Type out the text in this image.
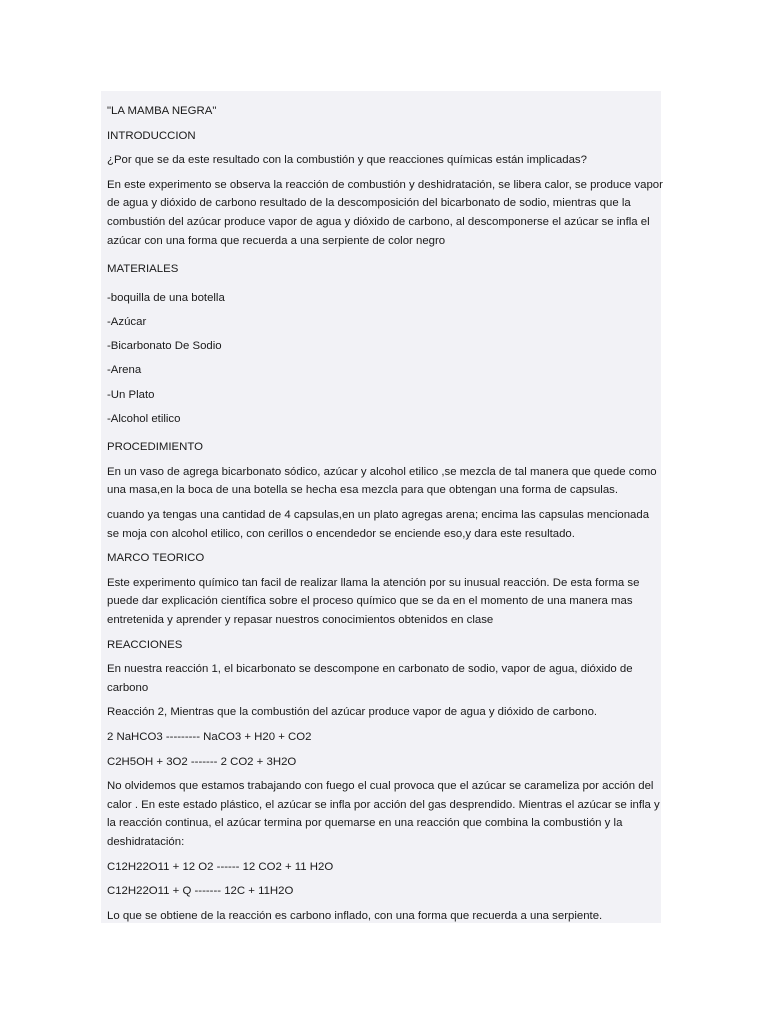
"LA MAMBA NEGRA"
INTRODUCCION
¿Por que se da este resultado con la combustión y que reacciones químicas están implicadas?
En este experimento se observa la reacción de combustión y deshidratación, se libera calor, se produce vapor de agua y dióxido de carbono resultado de la descomposición del bicarbonato de sodio, mientras que la combustión del azúcar produce vapor de agua y dióxido de carbono, al descomponerse el azúcar se infla el azúcar con una forma que recuerda a una serpiente de color negro
MATERIALES
-boquilla de una botella
-Azúcar
-Bicarbonato De Sodio
-Arena
-Un Plato
-Alcohol etilico
PROCEDIMIENTO
En un vaso de agrega bicarbonato sódico, azúcar y alcohol etilico ,se mezcla de tal manera que quede como una masa,en la boca de una botella se hecha esa mezcla para que obtengan una forma de capsulas.
cuando ya tengas una cantidad de 4 capsulas,en un plato agregas arena; encima las capsulas mencionada se moja con alcohol etilico, con cerillos o encendedor se enciende eso,y dara este resultado.
MARCO TEORICO
Este experimento químico tan facil de realizar llama la atención por su inusual reacción. De esta forma se puede dar explicación científica sobre el proceso químico que se da en el momento de una manera mas entretenida y aprender y repasar nuestros conocimientos obtenidos en clase
REACCIONES
En nuestra reacción 1, el bicarbonato se descompone en carbonato de sodio, vapor de agua, dióxido de carbono
Reacción 2, Mientras que la combustión del azúcar produce vapor de agua y dióxido de carbono.
2 NaHCO3 --------- NaCO3 + H20 + CO2
C2H5OH + 3O2 ------- 2 CO2 + 3H2O
No olvidemos que estamos trabajando con fuego el cual provoca que el azúcar se carameliza por acción del calor . En este estado plástico, el azúcar se infla por acción del gas desprendido. Mientras el azúcar se infla y la reacción continua, el azúcar termina por quemarse en una reacción que combina la combustión y la deshidratación:
C12H22O11 + 12 O2 ------ 12 CO2 + 11 H2O
C12H22O11 + Q ------- 12C + 11H2O
Lo que se obtiene de la reacción es carbono inflado, con una forma que recuerda a una serpiente.
